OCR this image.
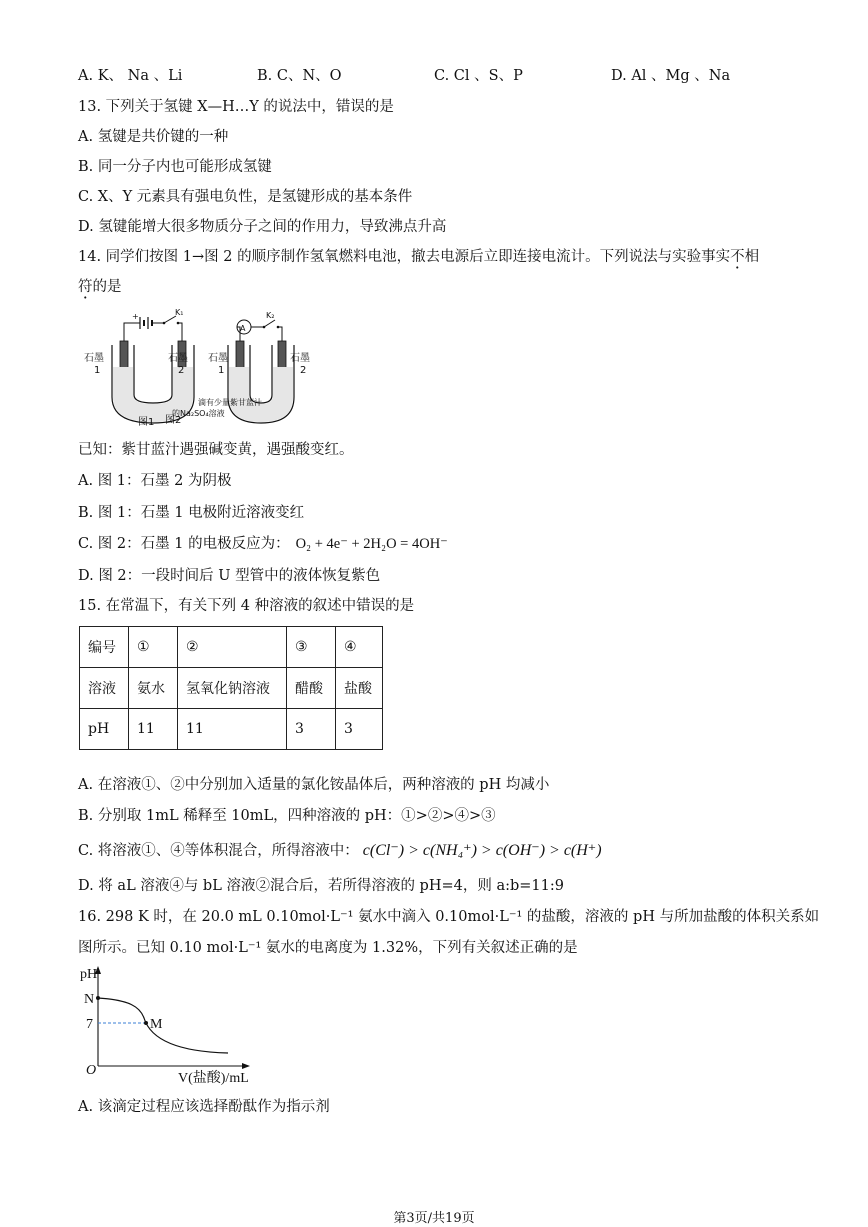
A. K、 Na 、Li	B. C、N、O	C. Cl 、S、P	D. Al 、Mg 、Na
13. 下列关于氢键 X—H…Y 的说法中，错误的是
A. 氢键是共价键的一种
B. 同一分子内也可能形成氢键
C. X、Y 元素具有强电负性，是氢键形成的基本条件
D. 氢键能增大很多物质分子之间的作用力，导致沸点升高
14. 同学们按图 1→图 2 的顺序制作氢氧燃料电池，撤去电源后立即连接电流计。下列说法与实验事实不相
符的是
+	K₁
石墨
1
石墨
2
图1
A
K₂
石墨
1
石墨
2
滴有少量紫甘蓝汁
的Na₂SO₄溶液
图2
已知：紫甘蓝汁遇强碱变黄，遇强酸变红。
A. 图 1：石墨 2 为阴极
B. 图 1：石墨 1 电极附近溶液变红
C. 图 2：石墨 1 的电极反应为： O₂ + 4e⁻ + 2H₂O = 4OH⁻
D. 图 2：一段时间后 U 型管中的液体恢复紫色
15. 在常温下，有关下列 4 种溶液的叙述中错误的是
编号	①	②	③	④
溶液	氨水	氢氧化钠溶液	醋酸	盐酸
pH	11	11	3	3
A. 在溶液①、②中分别加入适量的氯化铵晶体后，两种溶液的 pH 均减小
B. 分别取 1mL 稀释至 10mL，四种溶液的 pH：①>②>④>③
C. 将溶液①、④等体积混合，所得溶液中： c(Cl⁻) > c(NH₄⁺) > c(OH⁻) > c(H⁺)
D. 将 aL 溶液④与 bL 溶液②混合后，若所得溶液的 pH=4，则 a:b=11:9
16. 298 K 时，在 20.0 mL 0.10mol·L⁻¹ 氨水中滴入 0.10mol·L⁻¹ 的盐酸，溶液的 pH 与所加盐酸的体积关系如
图所示。已知 0.10 mol·L⁻¹ 氨水的电离度为 1.32%，下列有关叙述正确的是
pH
N
7	M
O
V(盐酸)/mL
A. 该滴定过程应该选择酚酞作为指示剂
第3页/共19页
